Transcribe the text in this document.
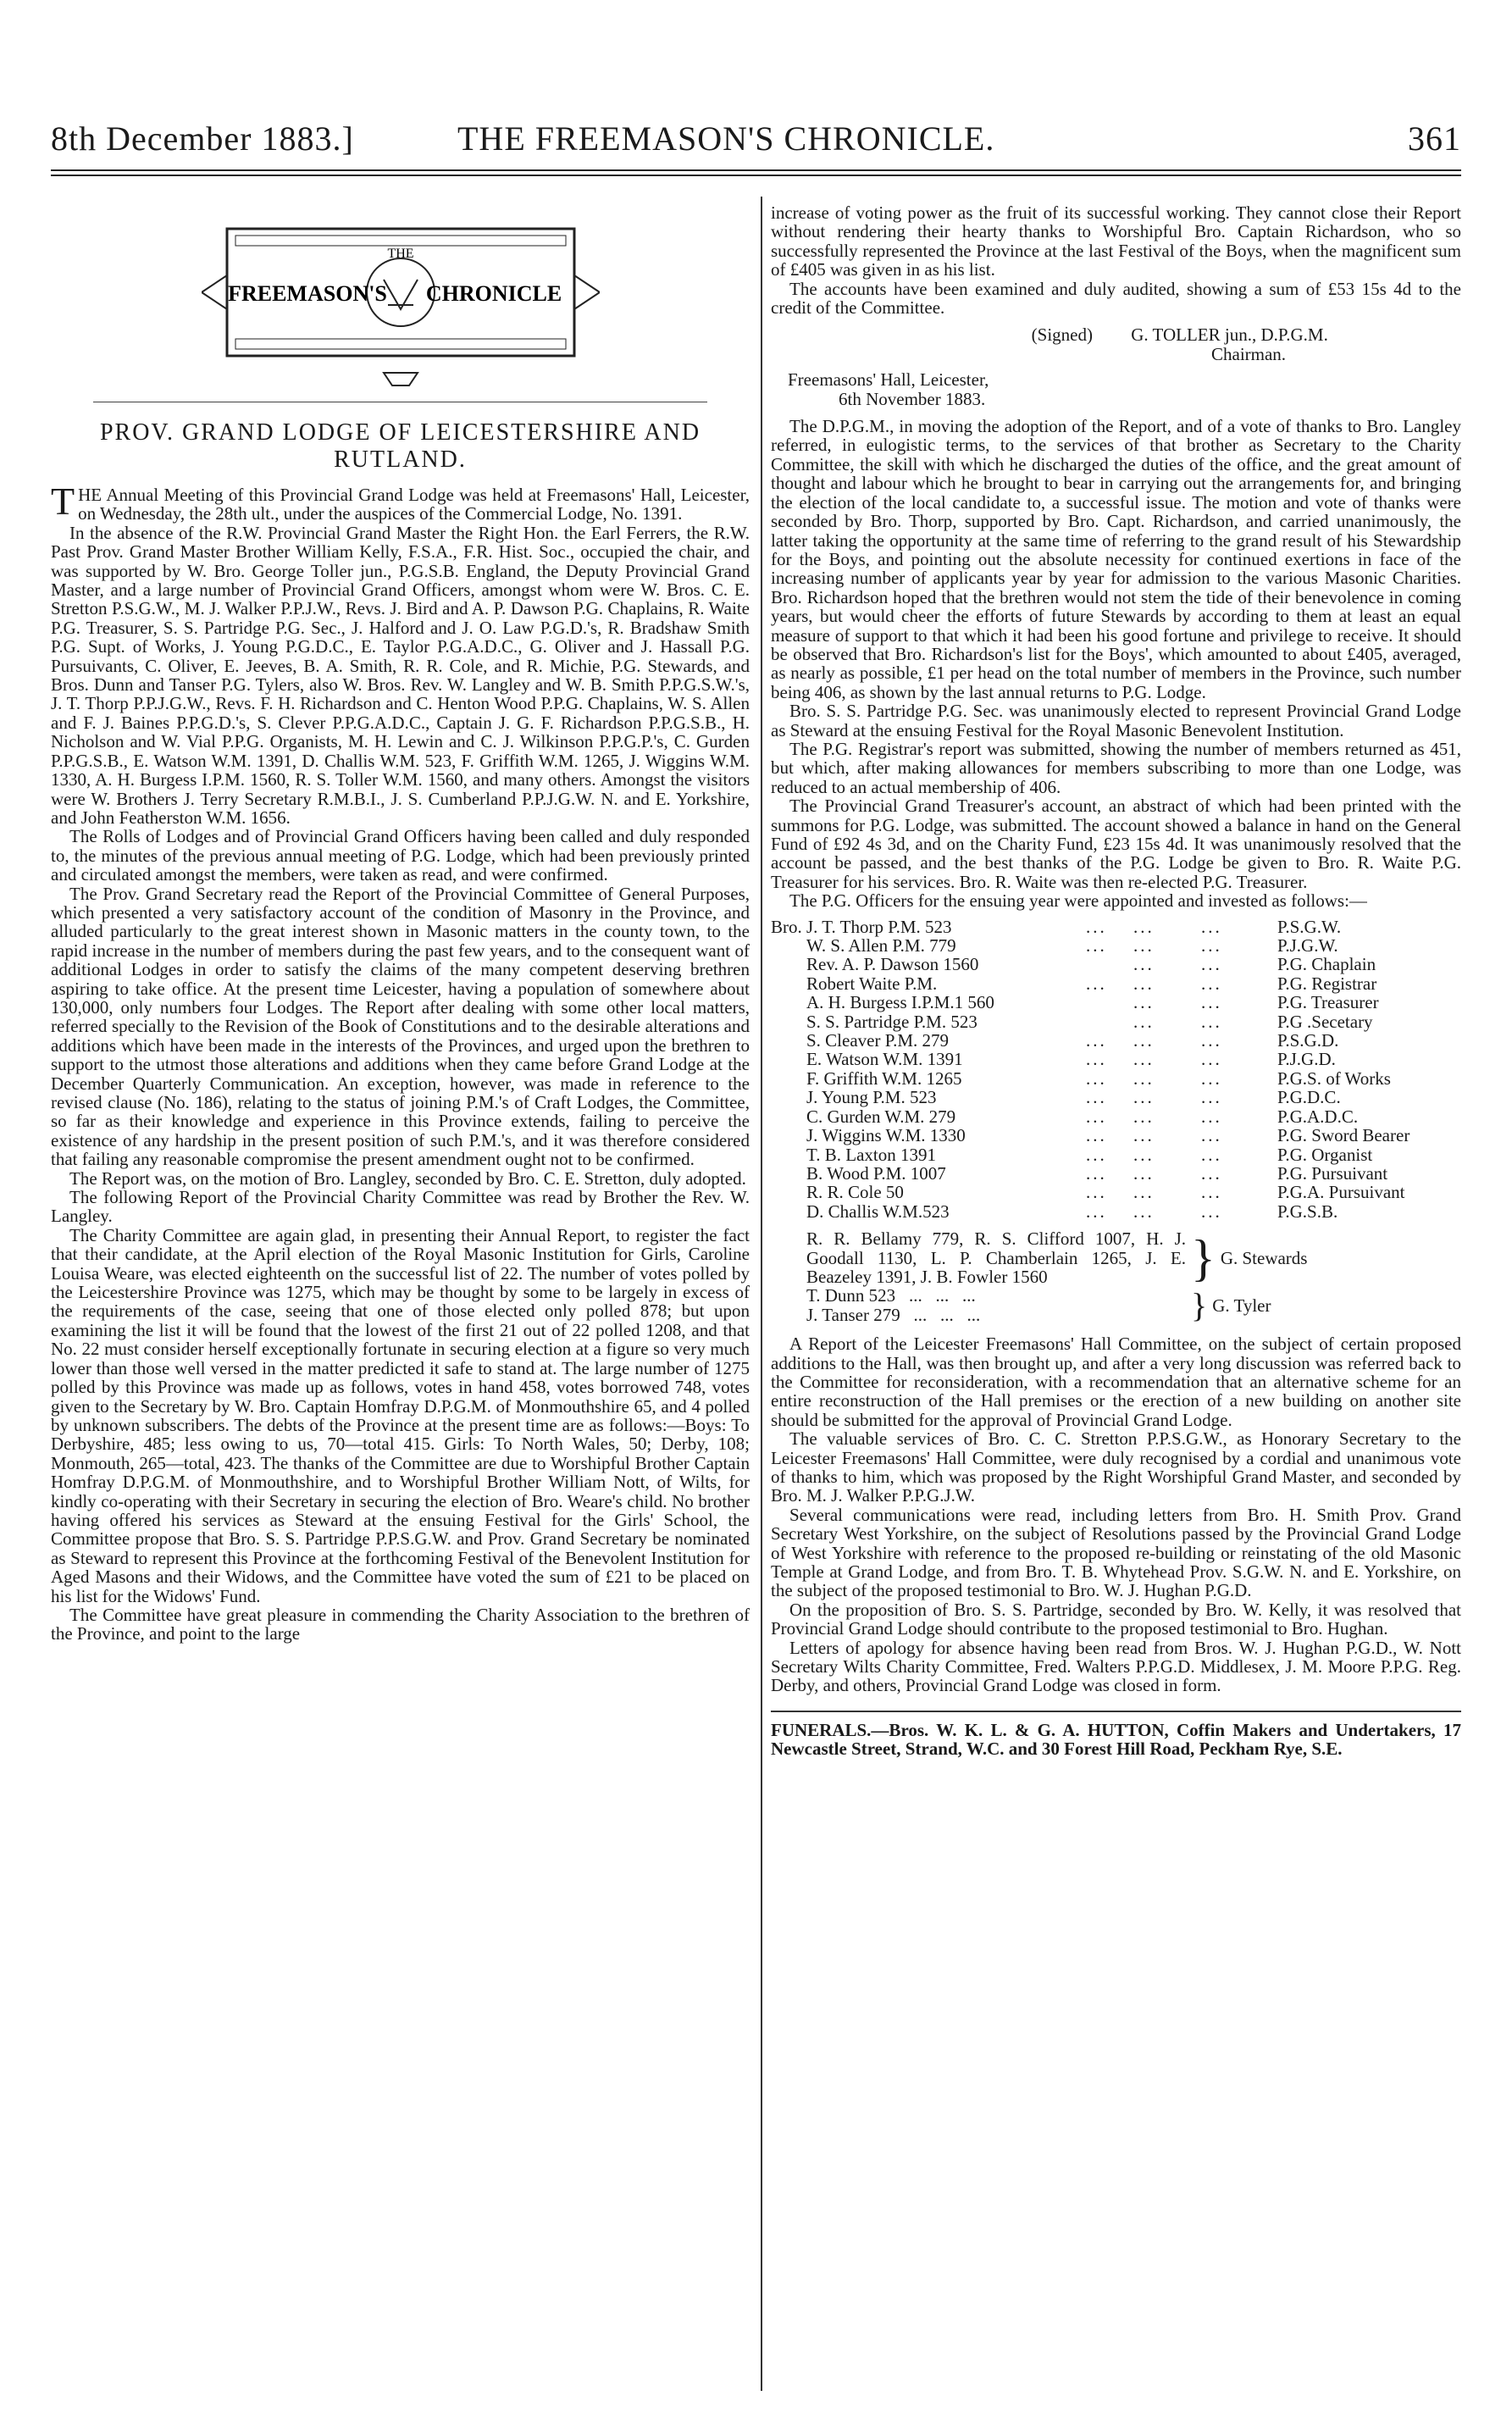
8th December 1883.]	THE FREEMASON'S CHRONICLE.	361
THE
FREEMASON'S CHRONICLE
PROV. GRAND LODGE OF LEICESTERSHIRE AND RUTLAND.

THE Annual Meeting of this Provincial Grand Lodge was held at Freemasons' Hall, Leicester, on Wednesday, the 28th ult., under the auspices of the Commercial Lodge, No. 1391.

In the absence of the R.W. Provincial Grand Master the Right Hon. the Earl Ferrers, the R.W. Past Prov. Grand Master Brother William Kelly, F.S.A., F.R. Hist. Soc., occupied the chair, and was supported by W. Bro. George Toller jun., P.G.S.B. England, the Deputy Provincial Grand Master, and a large number of Provincial Grand Officers, amongst whom were W. Bros. C. E. Stretton P.S.G.W., M. J. Walker P.P.J.W., Revs. J. Bird and A. P. Dawson P.G. Chaplains, R. Waite P.G. Treasurer, S. S. Partridge P.G. Sec., J. Halford and J. O. Law P.G.D.'s, R. Bradshaw Smith P.G. Supt. of Works, J. Young P.G.D.C., E. Taylor P.G.A.D.C., G. Oliver and J. Hassall P.G. Pursuivants, C. Oliver, E. Jeeves, B. A. Smith, R. R. Cole, and R. Michie, P.G. Stewards, and Bros. Dunn and Tanser P.G. Tylers, also W. Bros. Rev. W. Langley and W. B. Smith P.P.G.S.W.'s, J. T. Thorp P.P.J.G.W., Revs. F. H. Richardson and C. Henton Wood P.P.G. Chaplains, W. S. Allen and F. J. Baines P.P.G.D.'s, S. Clever P.P.G.A.D.C., Captain J. G. F. Richardson P.P.G.S.B., H. Nicholson and W. Vial P.P.G. Organists, M. H. Lewin and C. J. Wilkinson P.P.G.P.'s, C. Gurden P.P.G.S.B., E. Watson W.M. 1391, D. Challis W.M. 523, F. Griffith W.M. 1265, J. Wiggins W.M. 1330, A. H. Burgess I.P.M. 1560, R. S. Toller W.M. 1560, and many others. Amongst the visitors were W. Brothers J. Terry Secretary R.M.B.I., J. S. Cumberland P.P.J.G.W. N. and E. Yorkshire, and John Featherston W.M. 1656.

The Rolls of Lodges and of Provincial Grand Officers having been called and duly responded to, the minutes of the previous annual meeting of P.G. Lodge, which had been previously printed and circulated amongst the members, were taken as read, and were confirmed.

The Prov. Grand Secretary read the Report of the Provincial Committee of General Purposes, which presented a very satisfactory account of the condition of Masonry in the Province, and alluded particularly to the great interest shown in Masonic matters in the county town, to the rapid increase in the number of members during the past few years, and to the consequent want of additional Lodges in order to satisfy the claims of the many competent deserving brethren aspiring to take office. At the present time Leicester, having a population of somewhere about 130,000, only numbers four Lodges. The Report after dealing with some other local matters, referred specially to the Revision of the Book of Constitutions and to the desirable alterations and additions which have been made in the interests of the Provinces, and urged upon the brethren to support to the utmost those alterations and additions when they came before Grand Lodge at the December Quarterly Communication. An exception, however, was made in reference to the revised clause (No. 186), relating to the status of joining P.M.'s of Craft Lodges, the Committee, so far as their knowledge and experience in this Province extends, failing to perceive the existence of any hardship in the present position of such P.M.'s, and it was therefore considered that failing any reasonable compromise the present amendment ought not to be confirmed.

The Report was, on the motion of Bro. Langley, seconded by Bro. C. E. Stretton, duly adopted.

The following Report of the Provincial Charity Committee was read by Brother the Rev. W. Langley.

The Charity Committee are again glad, in presenting their Annual Report, to register the fact that their candidate, at the April election of the Royal Masonic Institution for Girls, Caroline Louisa Weare, was elected eighteenth on the successful list of 22. The number of votes polled by the Leicestershire Province was 1275, which may be thought by some to be largely in excess of the requirements of the case, seeing that one of those elected only polled 878; but upon examining the list it will be found that the lowest of the first 21 out of 22 polled 1208, and that No. 22 must consider herself exceptionally fortunate in securing election at a figure so very much lower than those well versed in the matter predicted it safe to stand at. The large number of 1275 polled by this Province was made up as follows, votes in hand 458, votes borrowed 748, votes given to the Secretary by W. Bro. Captain Homfray D.P.G.M. of Monmouthshire 65, and 4 polled by unknown subscribers. The debts of the Province at the present time are as follows:—Boys: To Derbyshire, 485; less owing to us, 70—total 415. Girls: To North Wales, 50; Derby, 108; Monmouth, 265—total, 423. The thanks of the Committee are due to Worshipful Brother Captain Homfray D.P.G.M. of Monmouthshire, and to Worshipful Brother William Nott, of Wilts, for kindly co-operating with their Secretary in securing the election of Bro. Weare's child. No brother having offered his services as Steward at the ensuing Festival for the Girls' School, the Committee propose that Bro. S. S. Partridge P.P.S.G.W. and Prov. Grand Secretary be nominated as Steward to represent this Province at the forthcoming Festival of the Benevolent Institution for Aged Masons and their Widows, and the Committee have voted the sum of £21 to be placed on his list for the Widows' Fund.

The Committee have great pleasure in commending the Charity Association to the brethren of the Province, and point to the large

increase of voting power as the fruit of its successful working. They cannot close their Report without rendering their hearty thanks to Worshipful Bro. Captain Richardson, who so successfully represented the Province at the last Festival of the Boys, when the magnificent sum of £405 was given in as his list.

The accounts have been examined and duly audited, showing a sum of £53 15s 4d to the credit of the Committee.

(Signed) G. TOLLER jun., D.P.G.M.
Chairman.
Freemasons' Hall, Leicester,
6th November 1883.

The D.P.G.M., in moving the adoption of the Report, and of a vote of thanks to Bro. Langley referred, in eulogistic terms, to the services of that brother as Secretary to the Charity Committee, the skill with which he discharged the duties of the office, and the great amount of thought and labour which he brought to bear in carrying out the arrangements for, and bringing the election of the local candidate to, a successful issue. The motion and vote of thanks were seconded by Bro. Thorp, supported by Bro. Capt. Richardson, and carried unanimously, the latter taking the opportunity at the same time of referring to the grand result of his Stewardship for the Boys, and pointing out the absolute necessity for continued exertions in face of the increasing number of applicants year by year for admission to the various Masonic Charities. Bro. Richardson hoped that the brethren would not stem the tide of their benevolence in coming years, but would cheer the efforts of future Stewards by according to them at least an equal measure of support to that which it had been his good fortune and privilege to receive. It should be observed that Bro. Richardson's list for the Boys', which amounted to about £405, averaged, as nearly as possible, £1 per head on the total number of members in the Province, such number being 406, as shown by the last annual returns to P.G. Lodge.

Bro. S. S. Partridge P.G. Sec. was unanimously elected to represent Provincial Grand Lodge as Steward at the ensuing Festival for the Royal Masonic Benevolent Institution.

The P.G. Registrar's report was submitted, showing the number of members returned as 451, but which, after making allowances for members subscribing to more than one Lodge, was reduced to an actual membership of 406.

The Provincial Grand Treasurer's account, an abstract of which had been printed with the summons for P.G. Lodge, was submitted. The account showed a balance in hand on the General Fund of £92 4s 3d, and on the Charity Fund, £23 15s 4d. It was unanimously resolved that the account be passed, and the best thanks of the P.G. Lodge be given to Bro. R. Waite P.G. Treasurer for his services. Bro. R. Waite was then re-elected P.G. Treasurer.

The P.G. Officers for the ensuing year were appointed and invested as follows:—

Bro.	J. T. Thorp P.M. 523	...	...	...	P.S.G.W.
	W. S. Allen P.M. 779	...	...	...	P.J.G.W.
	Rev. A. P. Dawson 1560		...	...	P.G. Chaplain
	Robert Waite P.M.	...	...	...	P.G. Registrar
	A. H. Burgess I.P.M.1 560		...	...	P.G. Treasurer
	S. S. Partridge P.M. 523		...	...	P.G .Secetary
	S. Cleaver P.M. 279	...	...	...	P.S.G.D.
	E. Watson W.M. 1391	...	...	...	P.J.G.D.
	F. Griffith W.M. 1265	...	...	...	P.G.S. of Works
	J. Young P.M. 523	...	...	...	P.G.D.C.
	C. Gurden W.M. 279	...	...	...	P.G.A.D.C.
	J. Wiggins W.M. 1330	...	...	...	P.G. Sword Bearer
	T. B. Laxton 1391	...	...	...	P.G. Organist
	B. Wood P.M. 1007	...	...	...	P.G. Pursuivant
	R. R. Cole 50	...	...	...	P.G.A. Pursuivant
	D. Challis W.M.523	...	...	...	P.G.S.B.
R. R. Bellamy 779, R. S. Clifford 1007, H. J. Goodall 1130, L. P. Chamberlain 1265, J. E. Beazeley 1391, J. B. Fowler 1560	} G. Stewards
T. Dunn 523 ... ... ...
J. Tanser 279 ... ... ...	} G. Tyler

A Report of the Leicester Freemasons' Hall Committee, on the subject of certain proposed additions to the Hall, was then brought up, and after a very long discussion was referred back to the Committee for reconsideration, with a recommendation that an alternative scheme for an entire reconstruction of the Hall premises or the erection of a new building on another site should be submitted for the approval of Provincial Grand Lodge.

The valuable services of Bro. C. C. Stretton P.P.S.G.W., as Honorary Secretary to the Leicester Freemasons' Hall Committee, were duly recognised by a cordial and unanimous vote of thanks to him, which was proposed by the Right Worshipful Grand Master, and seconded by Bro. M. J. Walker P.P.G.J.W.

Several communications were read, including letters from Bro. H. Smith Prov. Grand Secretary West Yorkshire, on the subject of Resolutions passed by the Provincial Grand Lodge of West Yorkshire with reference to the proposed re-building or reinstating of the old Masonic Temple at Grand Lodge, and from Bro. T. B. Whytehead Prov. S.G.W. N. and E. Yorkshire, on the subject of the proposed testimonial to Bro. W. J. Hughan P.G.D.

On the proposition of Bro. S. S. Partridge, seconded by Bro. W. Kelly, it was resolved that Provincial Grand Lodge should contribute to the proposed testimonial to Bro. Hughan.

Letters of apology for absence having been read from Bros. W. J. Hughan P.G.D., W. Nott Secretary Wilts Charity Committee, Fred. Walters P.P.G.D. Middlesex, J. M. Moore P.P.G. Reg. Derby, and others, Provincial Grand Lodge was closed in form.

FUNERALS.—Bros. W. K. L. & G. A. HUTTON, Coffin Makers and Undertakers, 17 Newcastle Street, Strand, W.C. and 30 Forest Hill Road, Peckham Rye, S.E.
